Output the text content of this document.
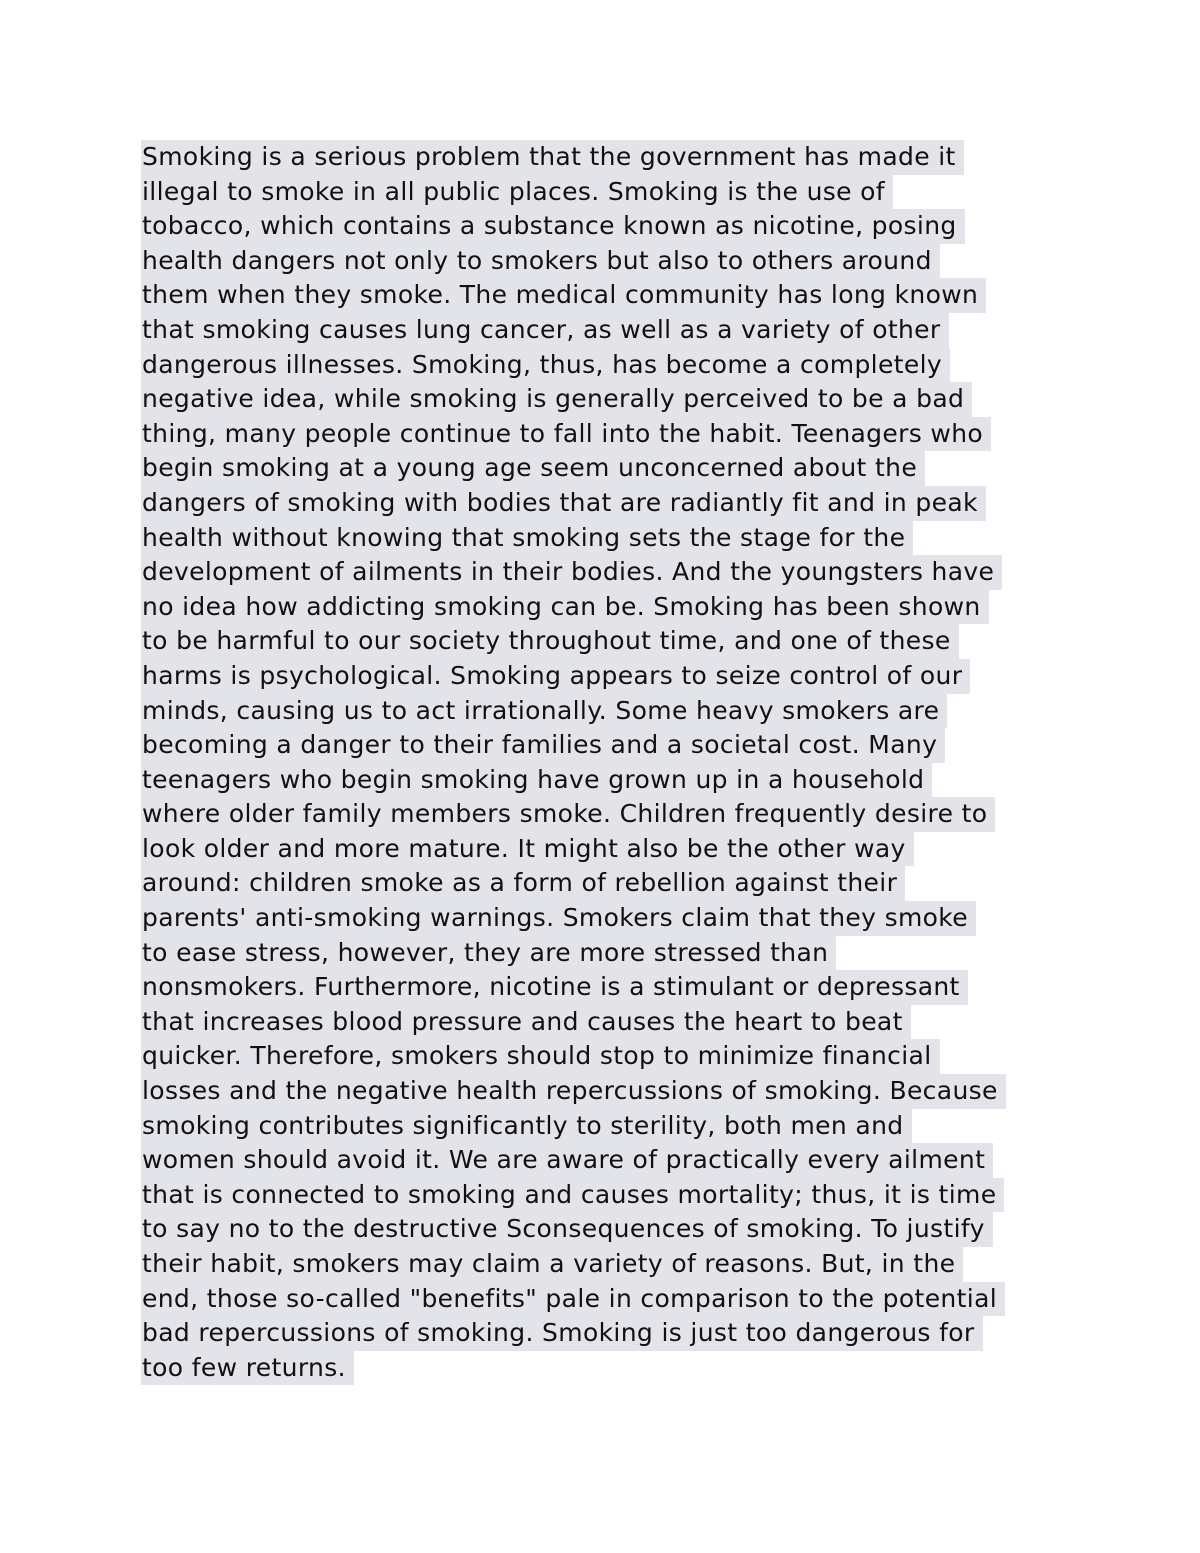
Smoking is a serious problem that the government has made it
illegal to smoke in all public places. Smoking is the use of
tobacco, which contains a substance known as nicotine, posing
health dangers not only to smokers but also to others around
them when they smoke. The medical community has long known
that smoking causes lung cancer, as well as a variety of other
dangerous illnesses. Smoking, thus, has become a completely
negative idea, while smoking is generally perceived to be a bad
thing, many people continue to fall into the habit. Teenagers who
begin smoking at a young age seem unconcerned about the
dangers of smoking with bodies that are radiantly fit and in peak
health without knowing that smoking sets the stage for the
development of ailments in their bodies. And the youngsters have
no idea how addicting smoking can be. Smoking has been shown
to be harmful to our society throughout time, and one of these
harms is psychological. Smoking appears to seize control of our
minds, causing us to act irrationally. Some heavy smokers are
becoming a danger to their families and a societal cost. Many
teenagers who begin smoking have grown up in a household
where older family members smoke. Children frequently desire to
look older and more mature. It might also be the other way
around: children smoke as a form of rebellion against their
parents' anti-smoking warnings. Smokers claim that they smoke
to ease stress, however, they are more stressed than
nonsmokers. Furthermore, nicotine is a stimulant or depressant
that increases blood pressure and causes the heart to beat
quicker. Therefore, smokers should stop to minimize financial
losses and the negative health repercussions of smoking. Because
smoking contributes significantly to sterility, both men and
women should avoid it. We are aware of practically every ailment
that is connected to smoking and causes mortality; thus, it is time
to say no to the destructive Sconsequences of smoking. To justify
their habit, smokers may claim a variety of reasons. But, in the
end, those so-called "benefits" pale in comparison to the potential
bad repercussions of smoking. Smoking is just too dangerous for
too few returns.
